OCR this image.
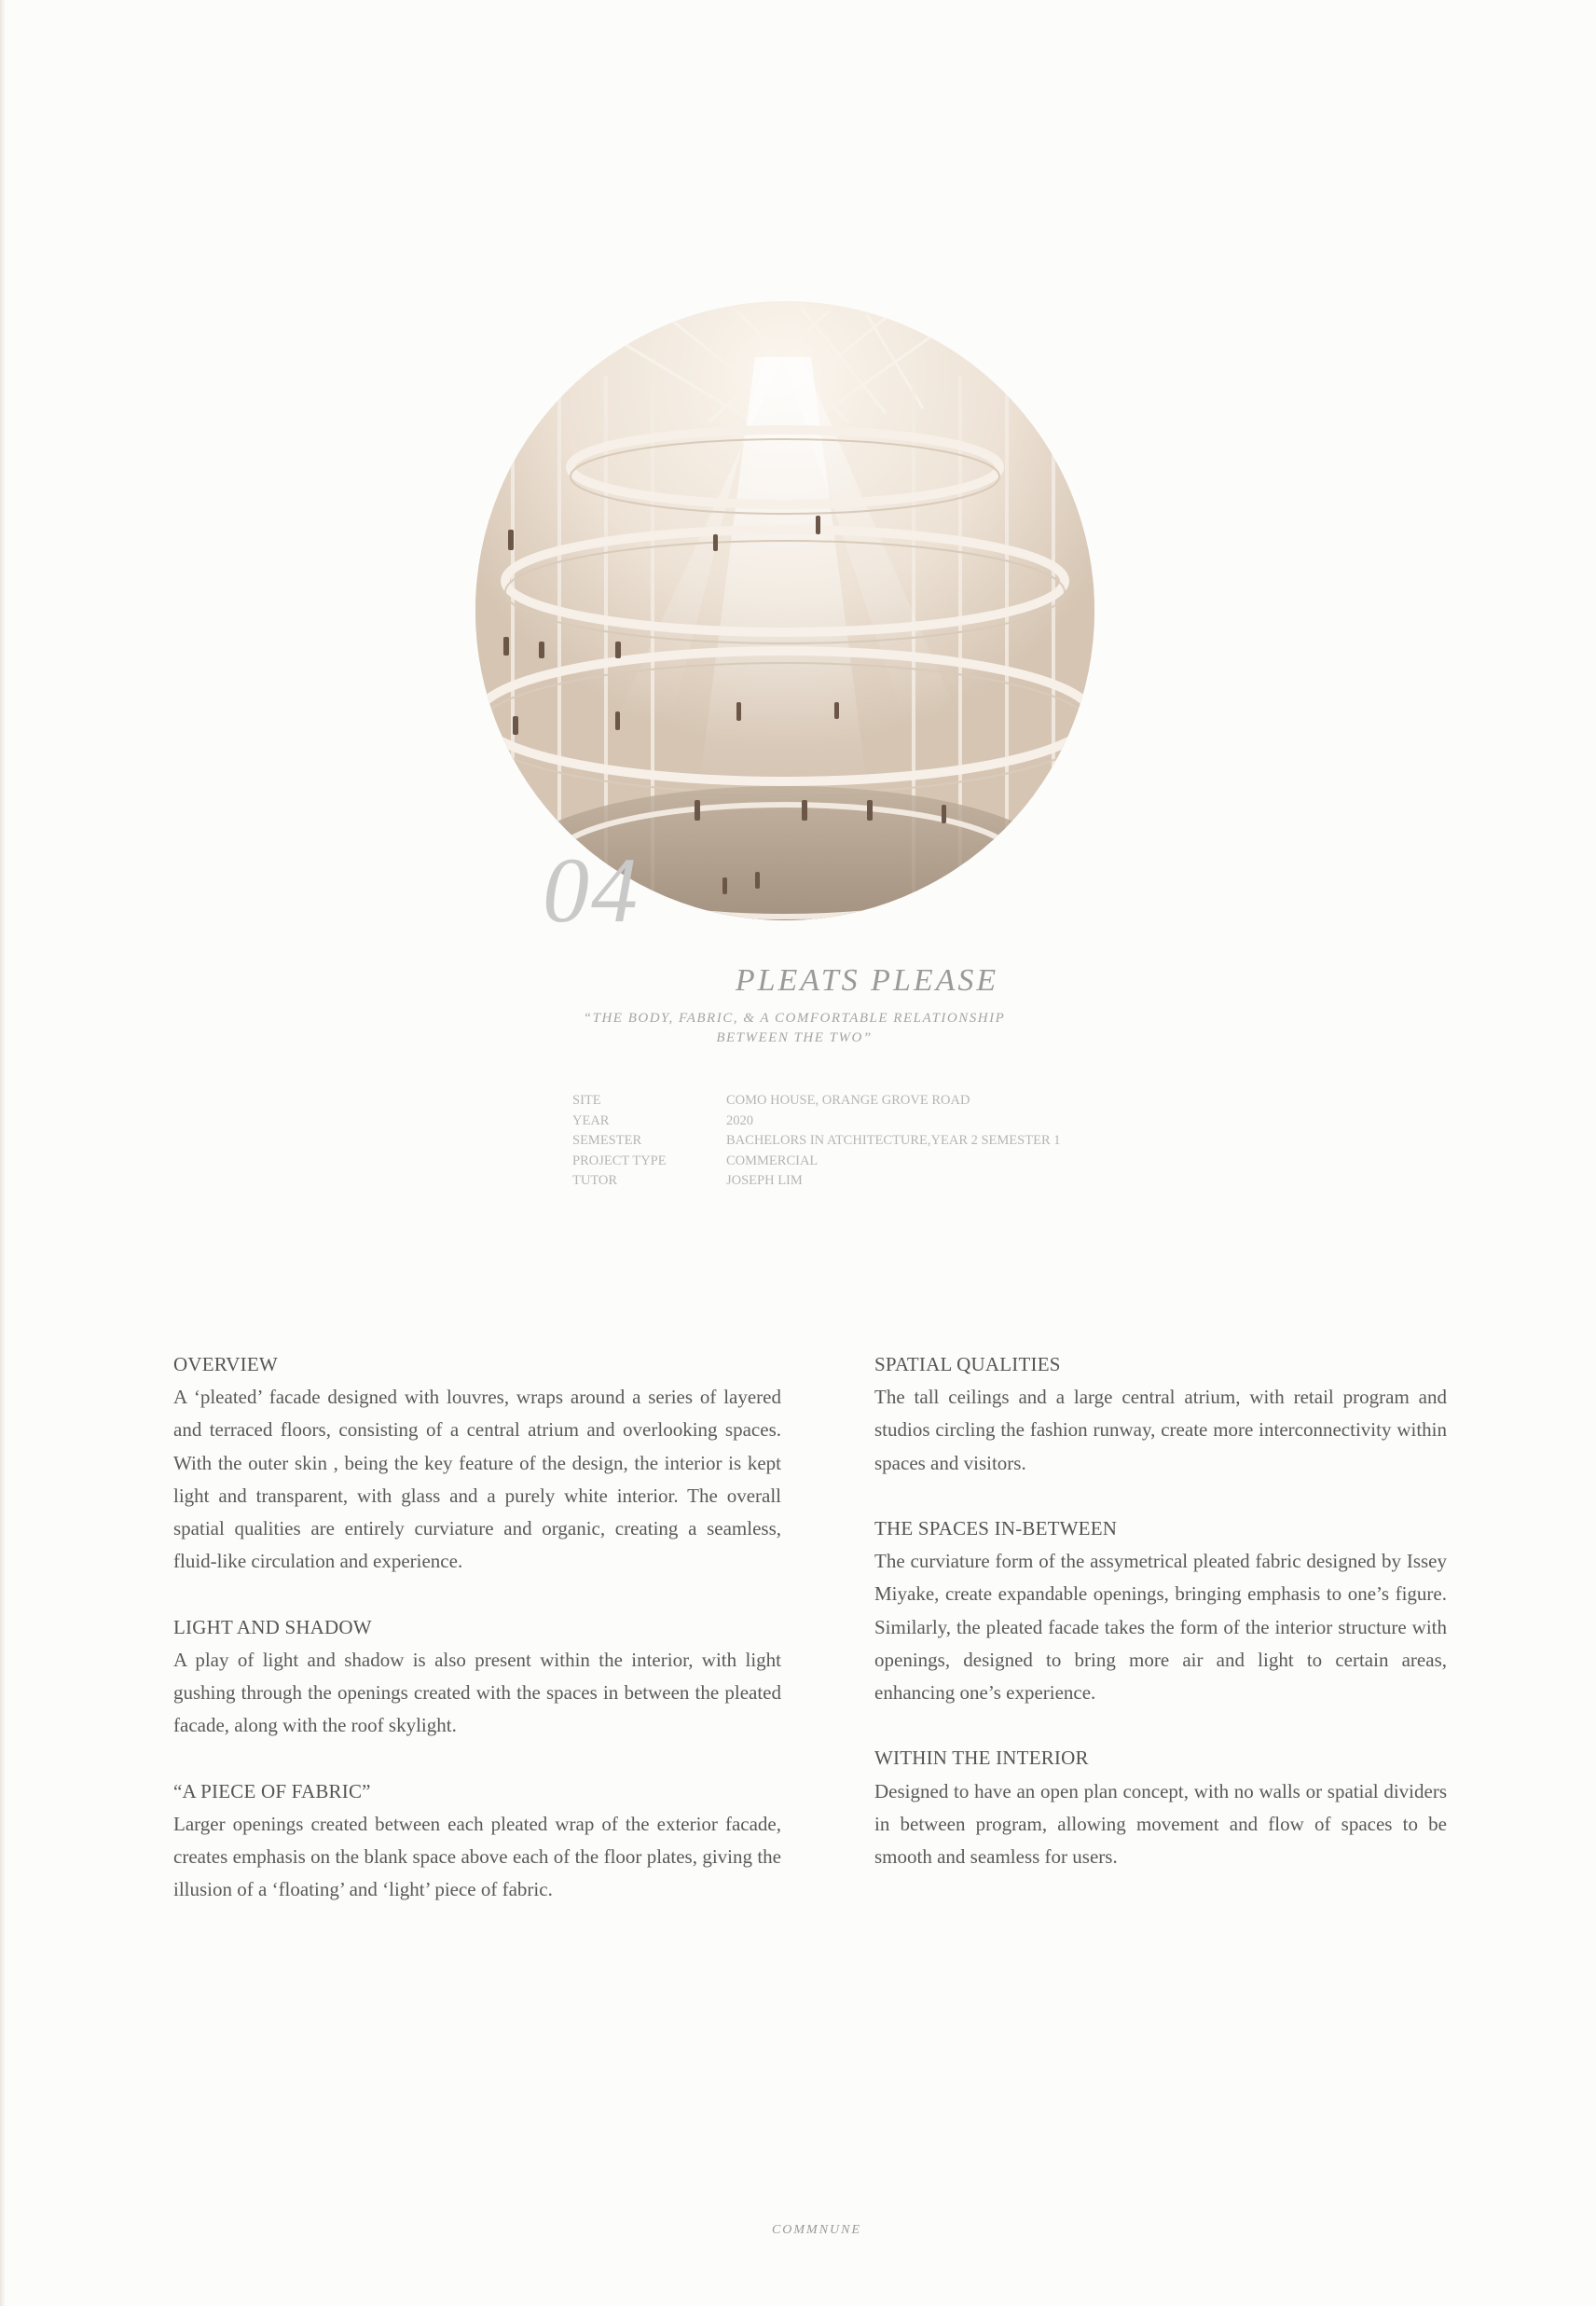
04
PLEATS PLEASE
“THE BODY, FABRIC, & A COMFORTABLE RELATIONSHIP BETWEEN THE TWO”
SITE
YEAR
SEMESTER
PROJECT TYPE
TUTOR
COMO HOUSE, ORANGE GROVE ROAD
2020
BACHELORS IN ATCHITECTURE,YEAR 2 SEMESTER 1
COMMERCIAL
JOSEPH LIM
OVERVIEW
A ‘pleated’ facade designed with louvres, wraps around a series of layered and terraced floors, consisting of a central atrium and overlooking spaces. With the outer skin , being the key feature of the design, the interior is kept light and transparent, with glass and a purely white interior. The overall spatial qualities are entirely curviature and organic, creating a seamless, fluid-like circulation and experience.
LIGHT AND SHADOW
A play of light and shadow is also present within the interior, with light gushing through the openings created with the spaces in between the pleated facade, along with the roof skylight.
“A PIECE OF FABRIC”
Larger openings created between each pleated wrap of the exterior facade, creates emphasis on the blank space above each of the floor plates, giving the illusion of a ‘floating’ and ‘light’ piece of fabric.
SPATIAL QUALITIES
The tall ceilings and a large central atrium, with retail program and studios circling the fashion runway, create more interconnectivity within spaces and visitors.
THE SPACES IN-BETWEEN
The curviature form of the assymetrical pleated fabric designed by Issey Miyake, create expandable openings, bringing emphasis to one’s figure. Similarly, the pleated facade takes the form of the interior structure with openings, designed to bring more air and light to certain areas, enhancing one’s experience.
WITHIN THE INTERIOR
Designed to have an open plan concept, with no walls or spatial dividers in between program, allowing movement and flow of spaces to be smooth and seamless for users.
COMMNUNE
